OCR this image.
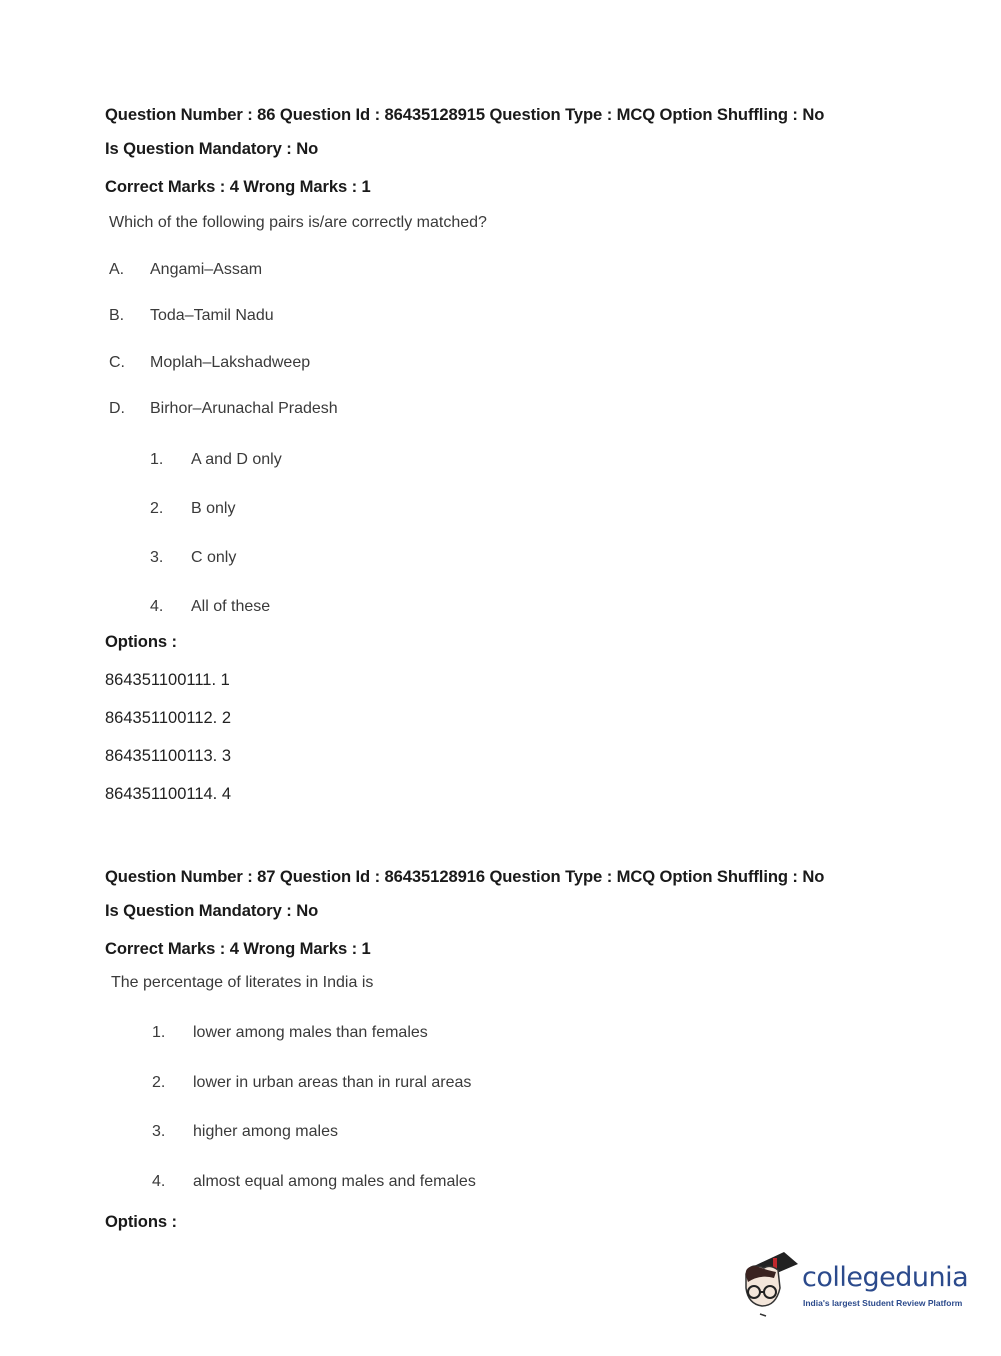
Question Number : 86 Question Id : 86435128915 Question Type : MCQ Option Shuffling : No
Is Question Mandatory : No
Correct Marks : 4 Wrong Marks : 1
Which of the following pairs is/are correctly matched?
A. Angami–Assam
B. Toda–Tamil Nadu
C. Moplah–Lakshadweep
D. Birhor–Arunachal Pradesh
1. A and D only
2. B only
3. C only
4. All of these
Options :
864351100111. 1
864351100112. 2
864351100113. 3
864351100114. 4
Question Number : 87 Question Id : 86435128916 Question Type : MCQ Option Shuffling : No
Is Question Mandatory : No
Correct Marks : 4 Wrong Marks : 1
The percentage of literates in India is
1. lower among males than females
2. lower in urban areas than in rural areas
3. higher among males
4. almost equal among males and females
Options :
collegedunia
India's largest Student Review Platform
